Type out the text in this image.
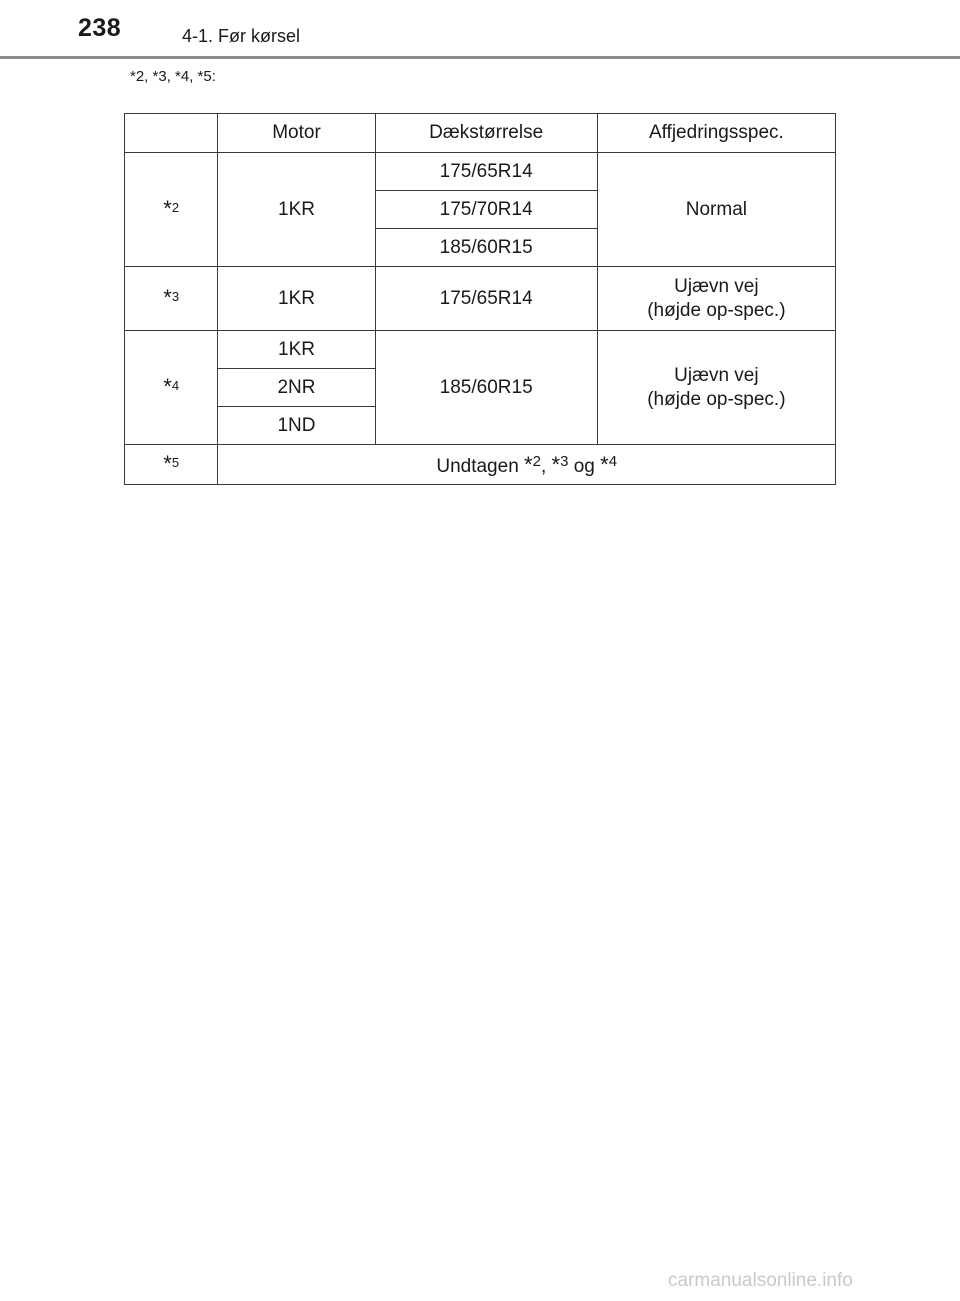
238	4-1. Før kørsel
*2, *3, *4, *5:
	Motor	Dækstørrelse	Affjedringsspec.
*$^2$	1KR	175/65R14	Normal
		175/70R14	
		185/60R15	
*$^3$	1KR	175/65R14	Ujævn vej
(højde op-spec.)

*$^4$	1KR	185/60R15	Ujævn vej
(højde op-spec.)

	2NR		
	1ND		
*$^5$	Undtagen *$^2$, *$^3$ og *$^4$
carmanualsonline.info
